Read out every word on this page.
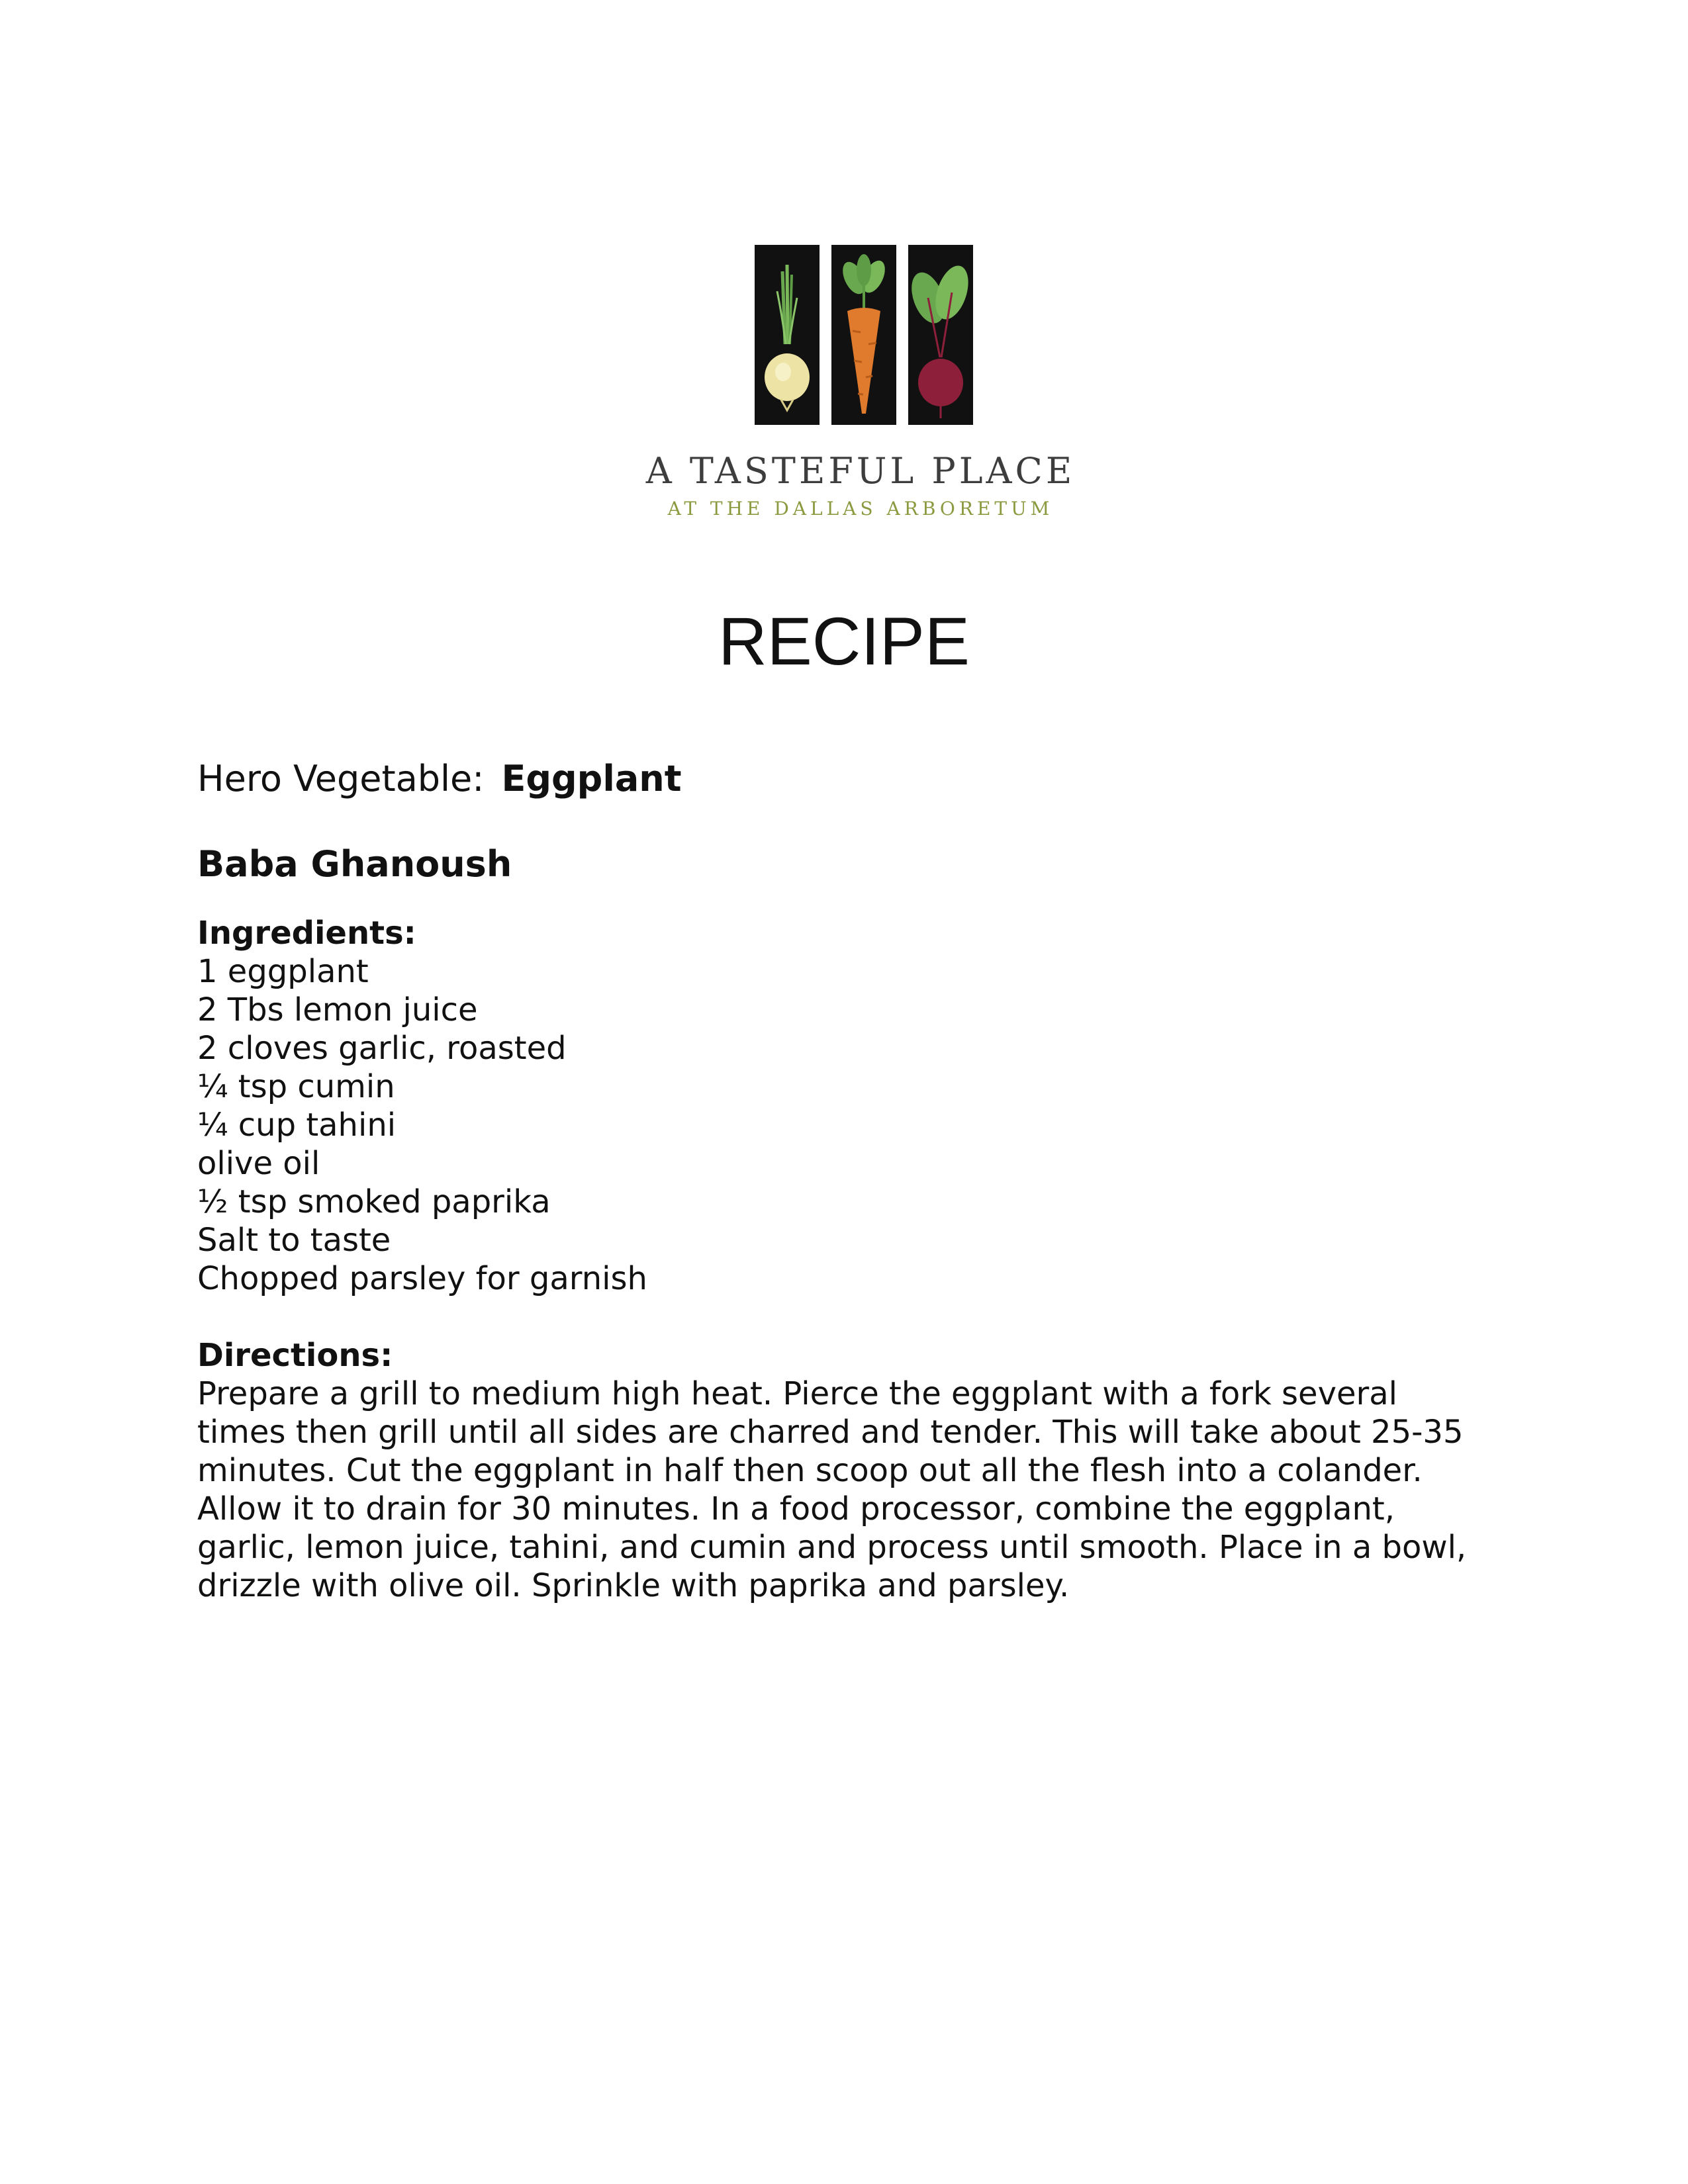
A TASTEFUL PLACE
AT THE DALLAS ARBORETUM
RECIPE

Hero Vegetable: Eggplant

Baba Ghanoush

Ingredients:

1 eggplant
2 Tbs lemon juice
2 cloves garlic, roasted
¼ tsp cumin
¼ cup tahini
olive oil
½ tsp smoked paprika
Salt to taste
Chopped parsley for garnish

Directions:

Prepare a grill to medium high heat. Pierce the eggplant with a fork several times then grill until all sides are charred and tender. This will take about 25-35 minutes. Cut the eggplant in half then scoop out all the flesh into a colander. Allow it to drain for 30 minutes. In a food processor, combine the eggplant, garlic, lemon juice, tahini, and cumin and process until smooth. Place in a bowl, drizzle with olive oil. Sprinkle with paprika and parsley.
